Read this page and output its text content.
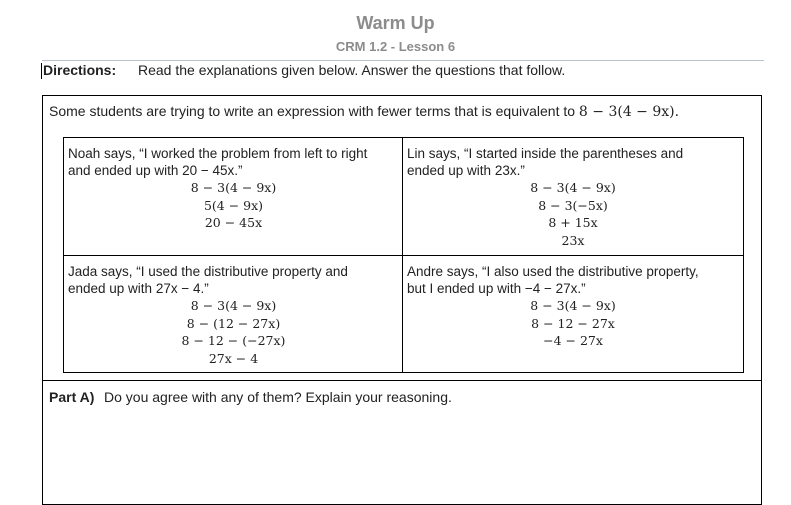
Warm Up
CRM 1.2 - Lesson 6
Directions: Read the explanations given below. Answer the questions that follow.
Some students are trying to write an expression with fewer terms that is equivalent to 8 − 3(4 − 9x).
Noah says, “I worked the problem from left to right
and ended up with 20 − 45x.”
8 − 3(4 − 9x)
5(4 − 9x)
20 − 45x
Lin says, “I started inside the parentheses and
ended up with 23x.”
8 − 3(4 − 9x)
8 − 3(−5x)
8 + 15x
23x
Jada says, “I used the distributive property and
ended up with 27x − 4.”
8 − 3(4 − 9x)
8 − (12 − 27x)
8 − 12 − (−27x)
27x − 4
Andre says, “I also used the distributive property,
but I ended up with −4 − 27x.”
8 − 3(4 − 9x)
8 − 12 − 27x
−4 − 27x
Part A) Do you agree with any of them? Explain your reasoning.
